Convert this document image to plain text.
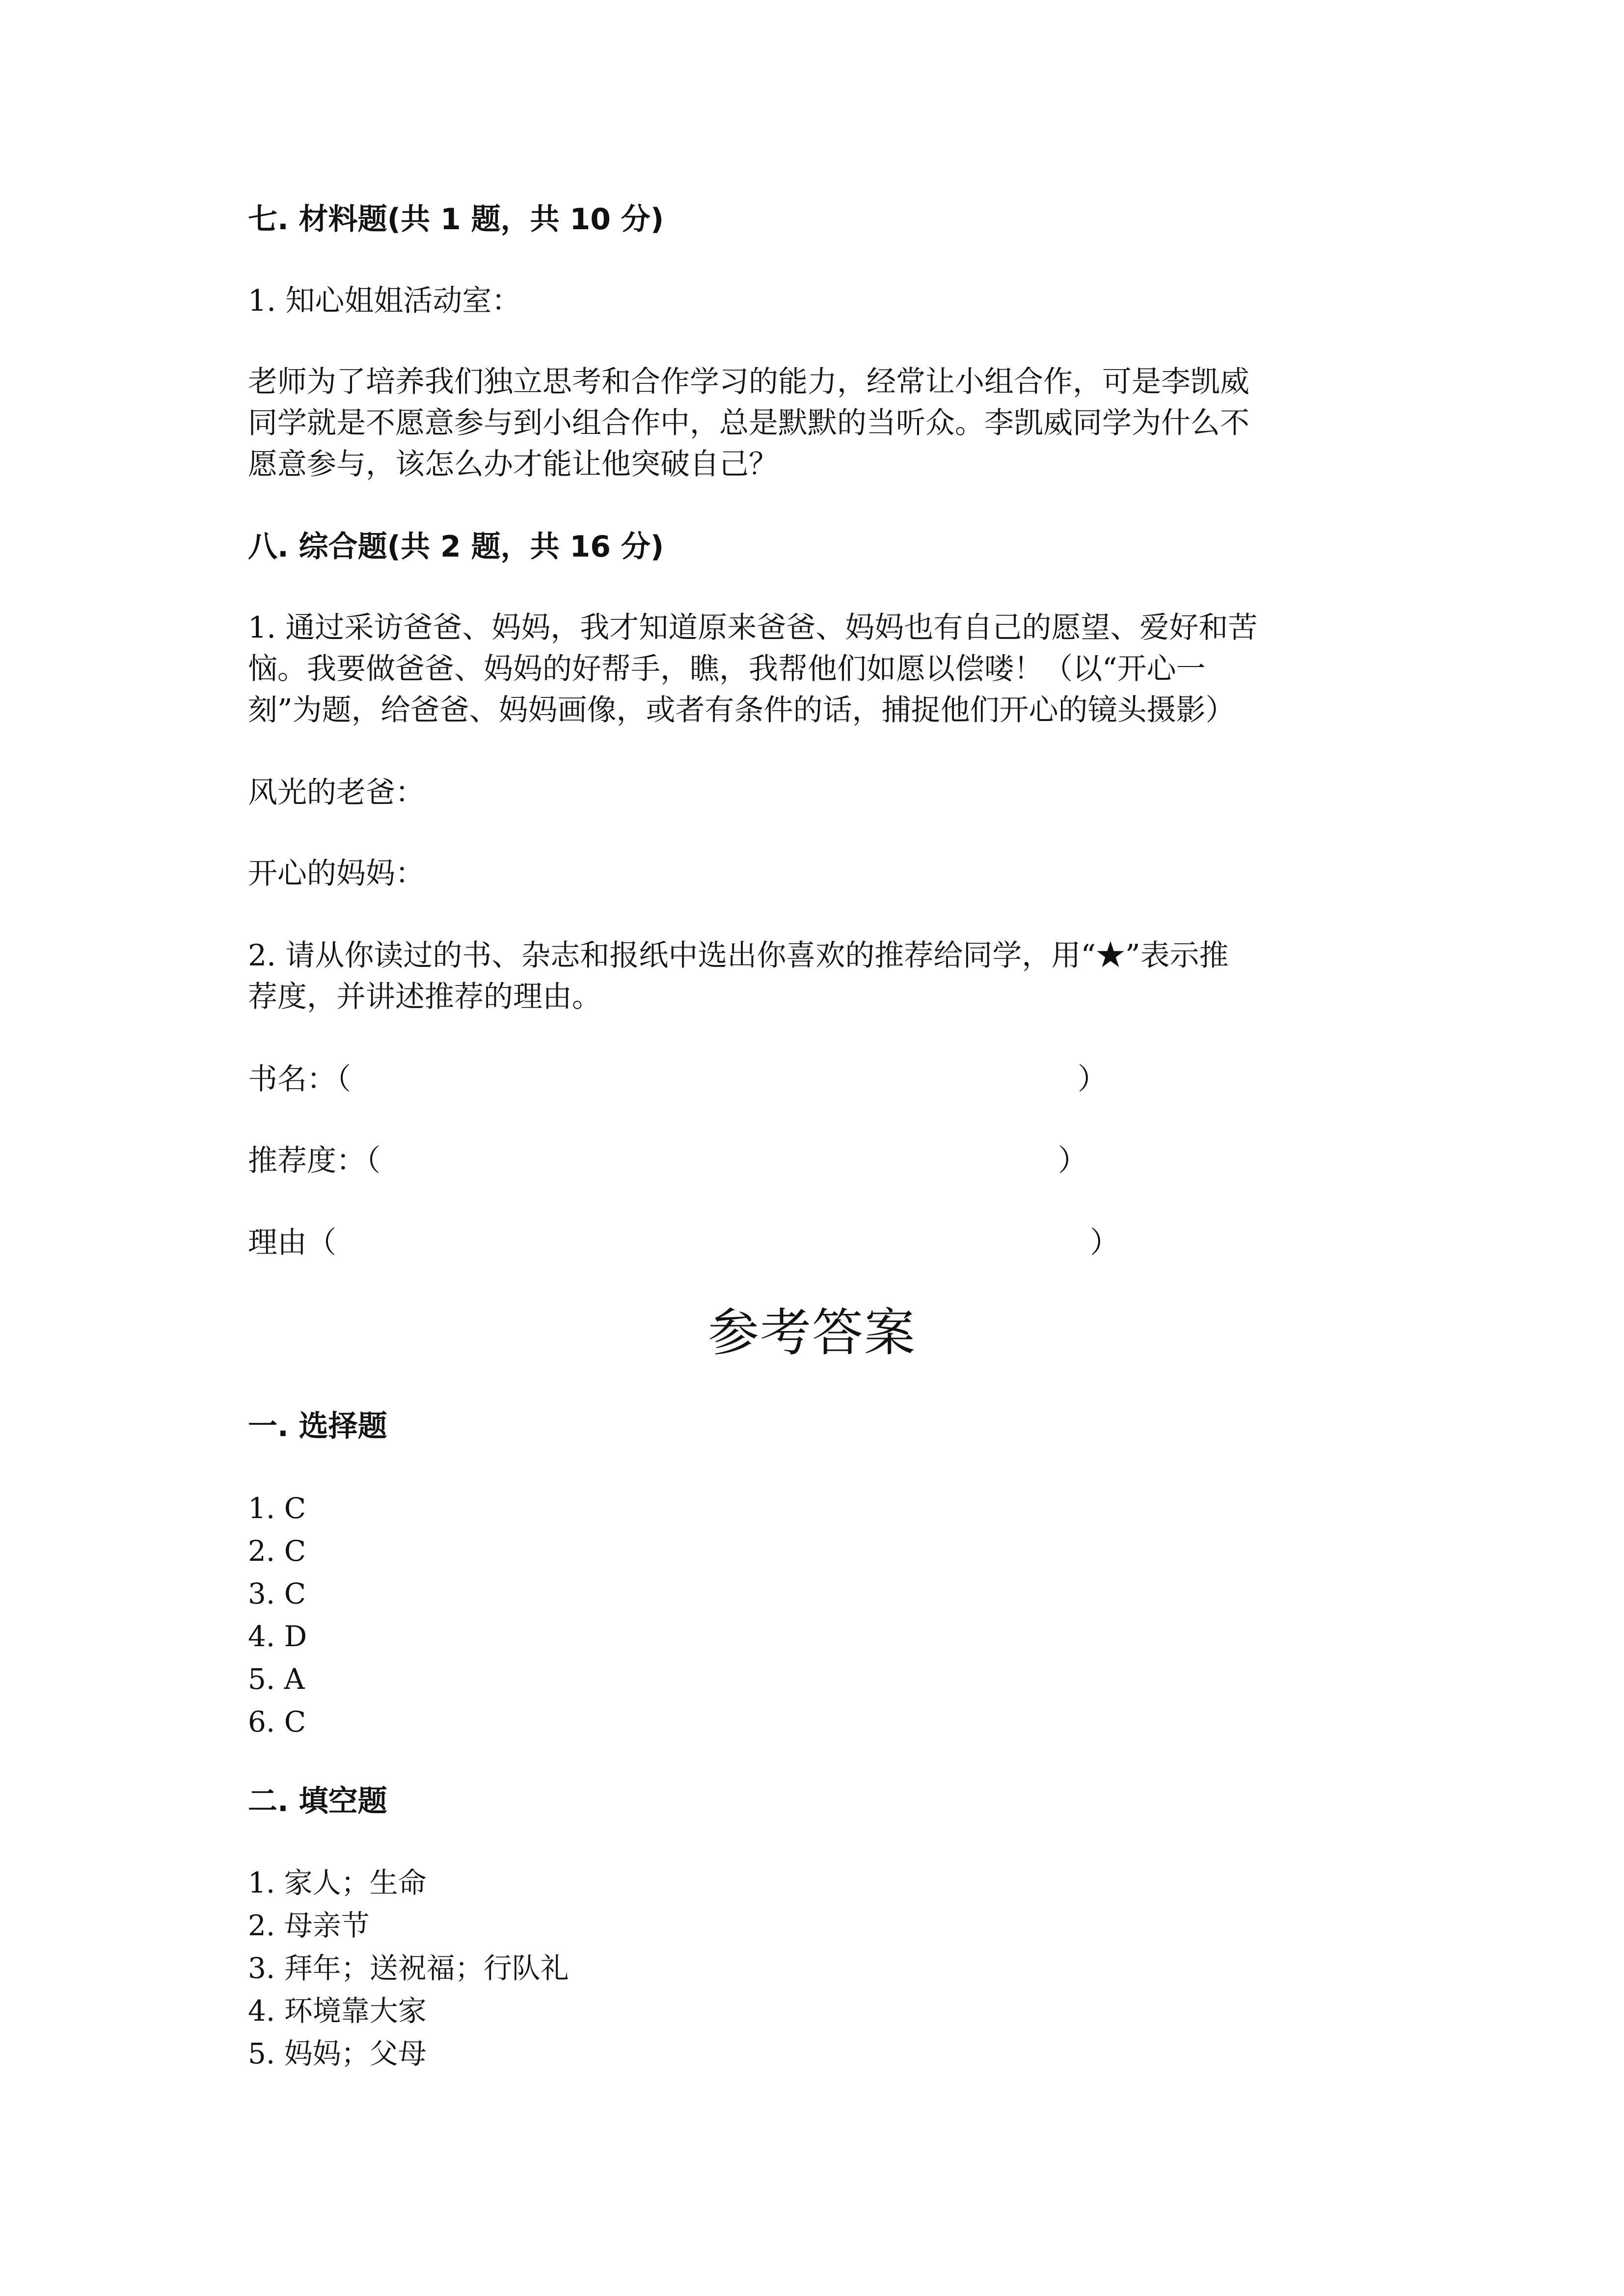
七. 材料题(共 1 题，共 10 分)
1. 知心姐姐活动室：

老师为了培养我们独立思考和合作学习的能力，经常让小组合作，可是李凯威
同学就是不愿意参与到小组合作中，总是默默的当听众。李凯威同学为什么不
愿意参与，该怎么办才能让他突破自己？

八. 综合题(共 2 题，共 16 分)

1. 通过采访爸爸、妈妈，我才知道原来爸爸、妈妈也有自己的愿望、爱好和苦
恼。我要做爸爸、妈妈的好帮手，瞧，我帮他们如愿以偿喽！（以“开心一
刻”为题，给爸爸、妈妈画像，或者有条件的话，捕捉他们开心的镜头摄影）

风光的老爸：
开心的妈妈：

2. 请从你读过的书、杂志和报纸中选出你喜欢的推荐给同学，用“★”表示推
荐度，并讲述推荐的理由。

书名：（	）
推荐度：（	）
理由（	）
参考答案
一. 选择题
1. C
2. C
3. C
4. D
5. A
6. C
二. 填空题
1. 家人；生命
2. 母亲节
3. 拜年；送祝福；行队礼
4. 环境靠大家
5. 妈妈；父母
